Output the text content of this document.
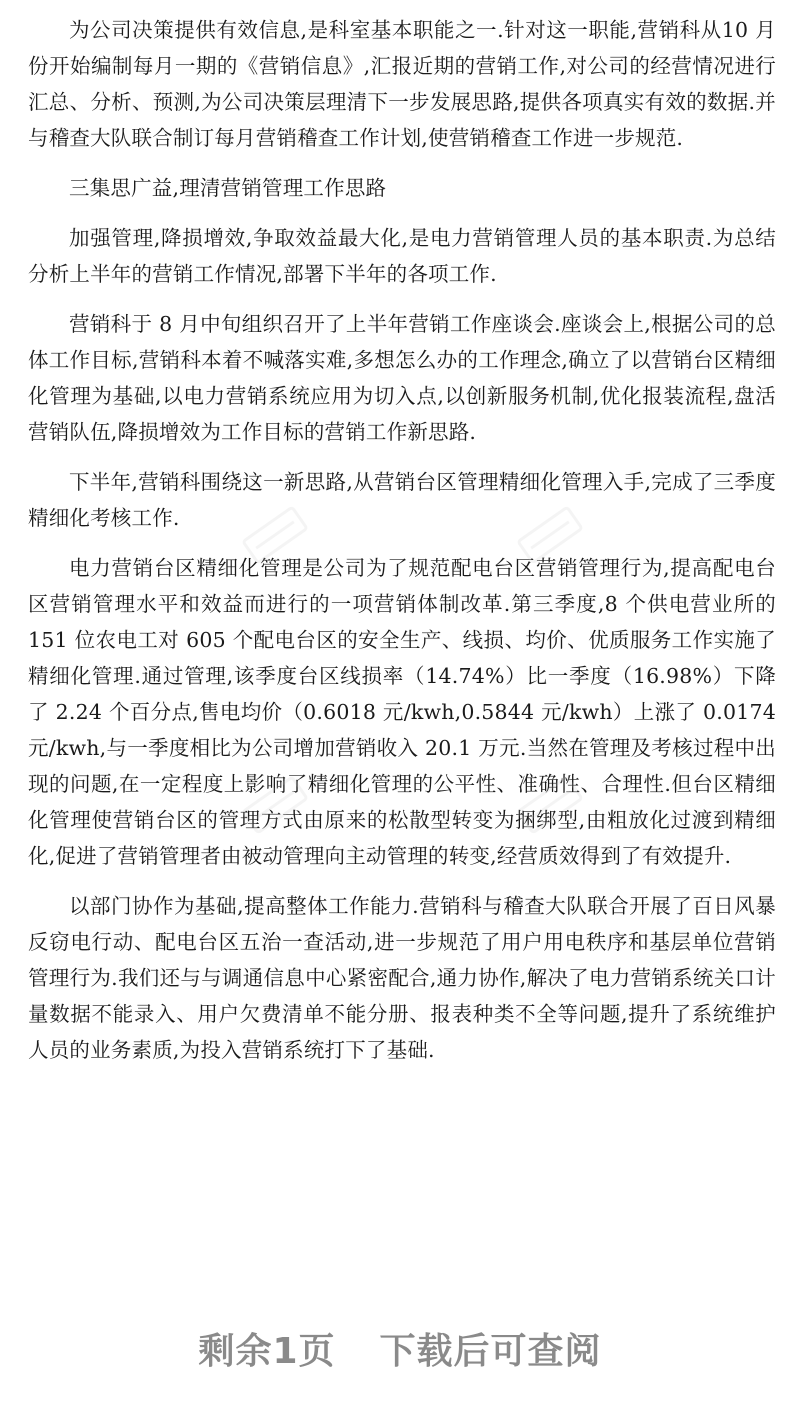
为公司决策提供有效信息,是科室基本职能之一.针对这一职能,营销科从10 月份开始编制每月一期的《营销信息》,汇报近期的营销工作,对公司的经营情况进行汇总、分析、预测,为公司决策层理清下一步发展思路,提供各项真实有效的数据.并与稽查大队联合制订每月营销稽查工作计划,使营销稽查工作进一步规范.

三集思广益,理清营销管理工作思路

加强管理,降损增效,争取效益最大化,是电力营销管理人员的基本职责.为总结分析上半年的营销工作情况,部署下半年的各项工作.

营销科于 8 月中旬组织召开了上半年营销工作座谈会.座谈会上,根据公司的总体工作目标,营销科本着不喊落实难,多想怎么办的工作理念,确立了以营销台区精细化管理为基础,以电力营销系统应用为切入点,以创新服务机制,优化报装流程,盘活营销队伍,降损增效为工作目标的营销工作新思路.

下半年,营销科围绕这一新思路,从营销台区管理精细化管理入手,完成了三季度精细化考核工作.

电力营销台区精细化管理是公司为了规范配电台区营销管理行为,提高配电台区营销管理水平和效益而进行的一项营销体制改革.第三季度,8 个供电营业所的 151 位农电工对 605 个配电台区的安全生产、线损、均价、优质服务工作实施了精细化管理.通过管理,该季度台区线损率（14.74%）比一季度（16.98%）下降了 2.24 个百分点,售电均价（0.6018 元/kwh,0.5844 元/kwh）上涨了 0.0174 元/kwh,与一季度相比为公司增加营销收入 20.1 万元.当然在管理及考核过程中出现的问题,在一定程度上影响了精细化管理的公平性、准确性、合理性.但台区精细化管理使营销台区的管理方式由原来的松散型转变为捆绑型,由粗放化过渡到精细化,促进了营销管理者由被动管理向主动管理的转变,经营质效得到了有效提升.

以部门协作为基础,提高整体工作能力.营销科与稽查大队联合开展了百日风暴反窃电行动、配电台区五治一查活动,进一步规范了用户用电秩序和基层单位营销管理行为.我们还与与调通信息中心紧密配合,通力协作,解决了电力营销系统关口计量数据不能录入、用户欠费清单不能分册、报表种类不全等问题,提升了系统维护人员的业务素质,为投入营销系统打下了基础.

剩余1页 下载后可查阅
